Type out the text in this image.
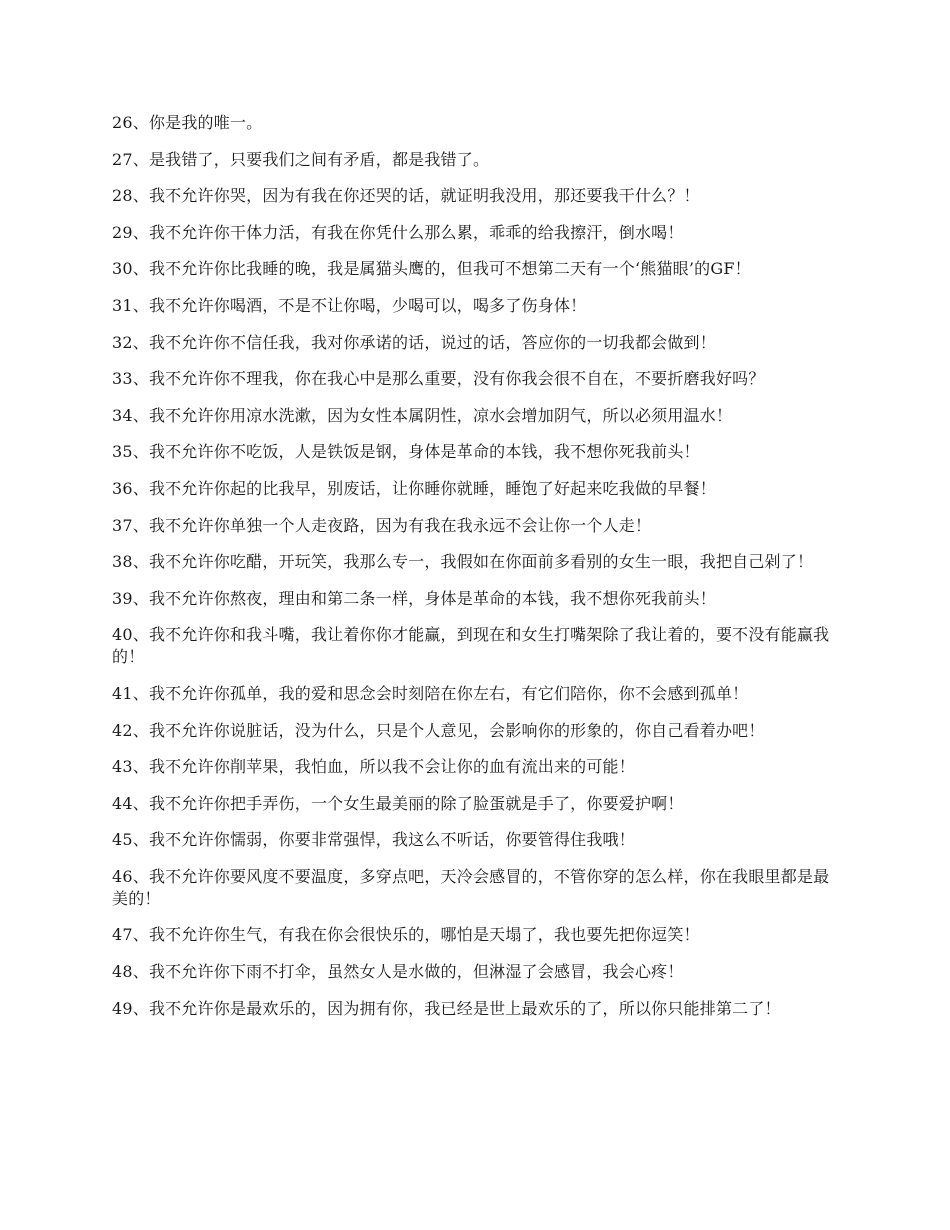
26、你是我的唯一。
27、是我错了，只要我们之间有矛盾，都是我错了。
28、我不允许你哭，因为有我在你还哭的话，就证明我没用，那还要我干什么？！
29、我不允许你干体力活，有我在你凭什么那么累，乖乖的给我擦汗，倒水喝！
30、我不允许你比我睡的晚，我是属猫头鹰的，但我可不想第二天有一个‘熊猫眼’的GF！
31、我不允许你喝酒，不是不让你喝，少喝可以，喝多了伤身体！
32、我不允许你不信任我，我对你承诺的话，说过的话，答应你的一切我都会做到！
33、我不允许你不理我，你在我心中是那么重要，没有你我会很不自在，不要折磨我好吗？
34、我不允许你用凉水洗漱，因为女性本属阴性，凉水会增加阴气，所以必须用温水！
35、我不允许你不吃饭，人是铁饭是钢，身体是革命的本钱，我不想你死我前头！
36、我不允许你起的比我早，别废话，让你睡你就睡，睡饱了好起来吃我做的早餐！
37、我不允许你单独一个人走夜路，因为有我在我永远不会让你一个人走！
38、我不允许你吃醋，开玩笑，我那么专一，我假如在你面前多看别的女生一眼，我把自己剁了！
39、我不允许你熬夜，理由和第二条一样，身体是革命的本钱，我不想你死我前头！
40、我不允许你和我斗嘴，我让着你你才能赢，到现在和女生打嘴架除了我让着的，要不没有能赢我的！
41、我不允许你孤单，我的爱和思念会时刻陪在你左右，有它们陪你，你不会感到孤单！
42、我不允许你说脏话，没为什么，只是个人意见，会影响你的形象的，你自己看着办吧！
43、我不允许你削苹果，我怕血，所以我不会让你的血有流出来的可能！
44、我不允许你把手弄伤，一个女生最美丽的除了脸蛋就是手了，你要爱护啊！
45、我不允许你懦弱，你要非常强悍，我这么不听话，你要管得住我哦！
46、我不允许你要风度不要温度，多穿点吧，天冷会感冒的，不管你穿的怎么样，你在我眼里都是最美的！
47、我不允许你生气，有我在你会很快乐的，哪怕是天塌了，我也要先把你逗笑！
48、我不允许你下雨不打伞，虽然女人是水做的，但淋湿了会感冒，我会心疼！
49、我不允许你是最欢乐的，因为拥有你，我已经是世上最欢乐的了，所以你只能排第二了！
